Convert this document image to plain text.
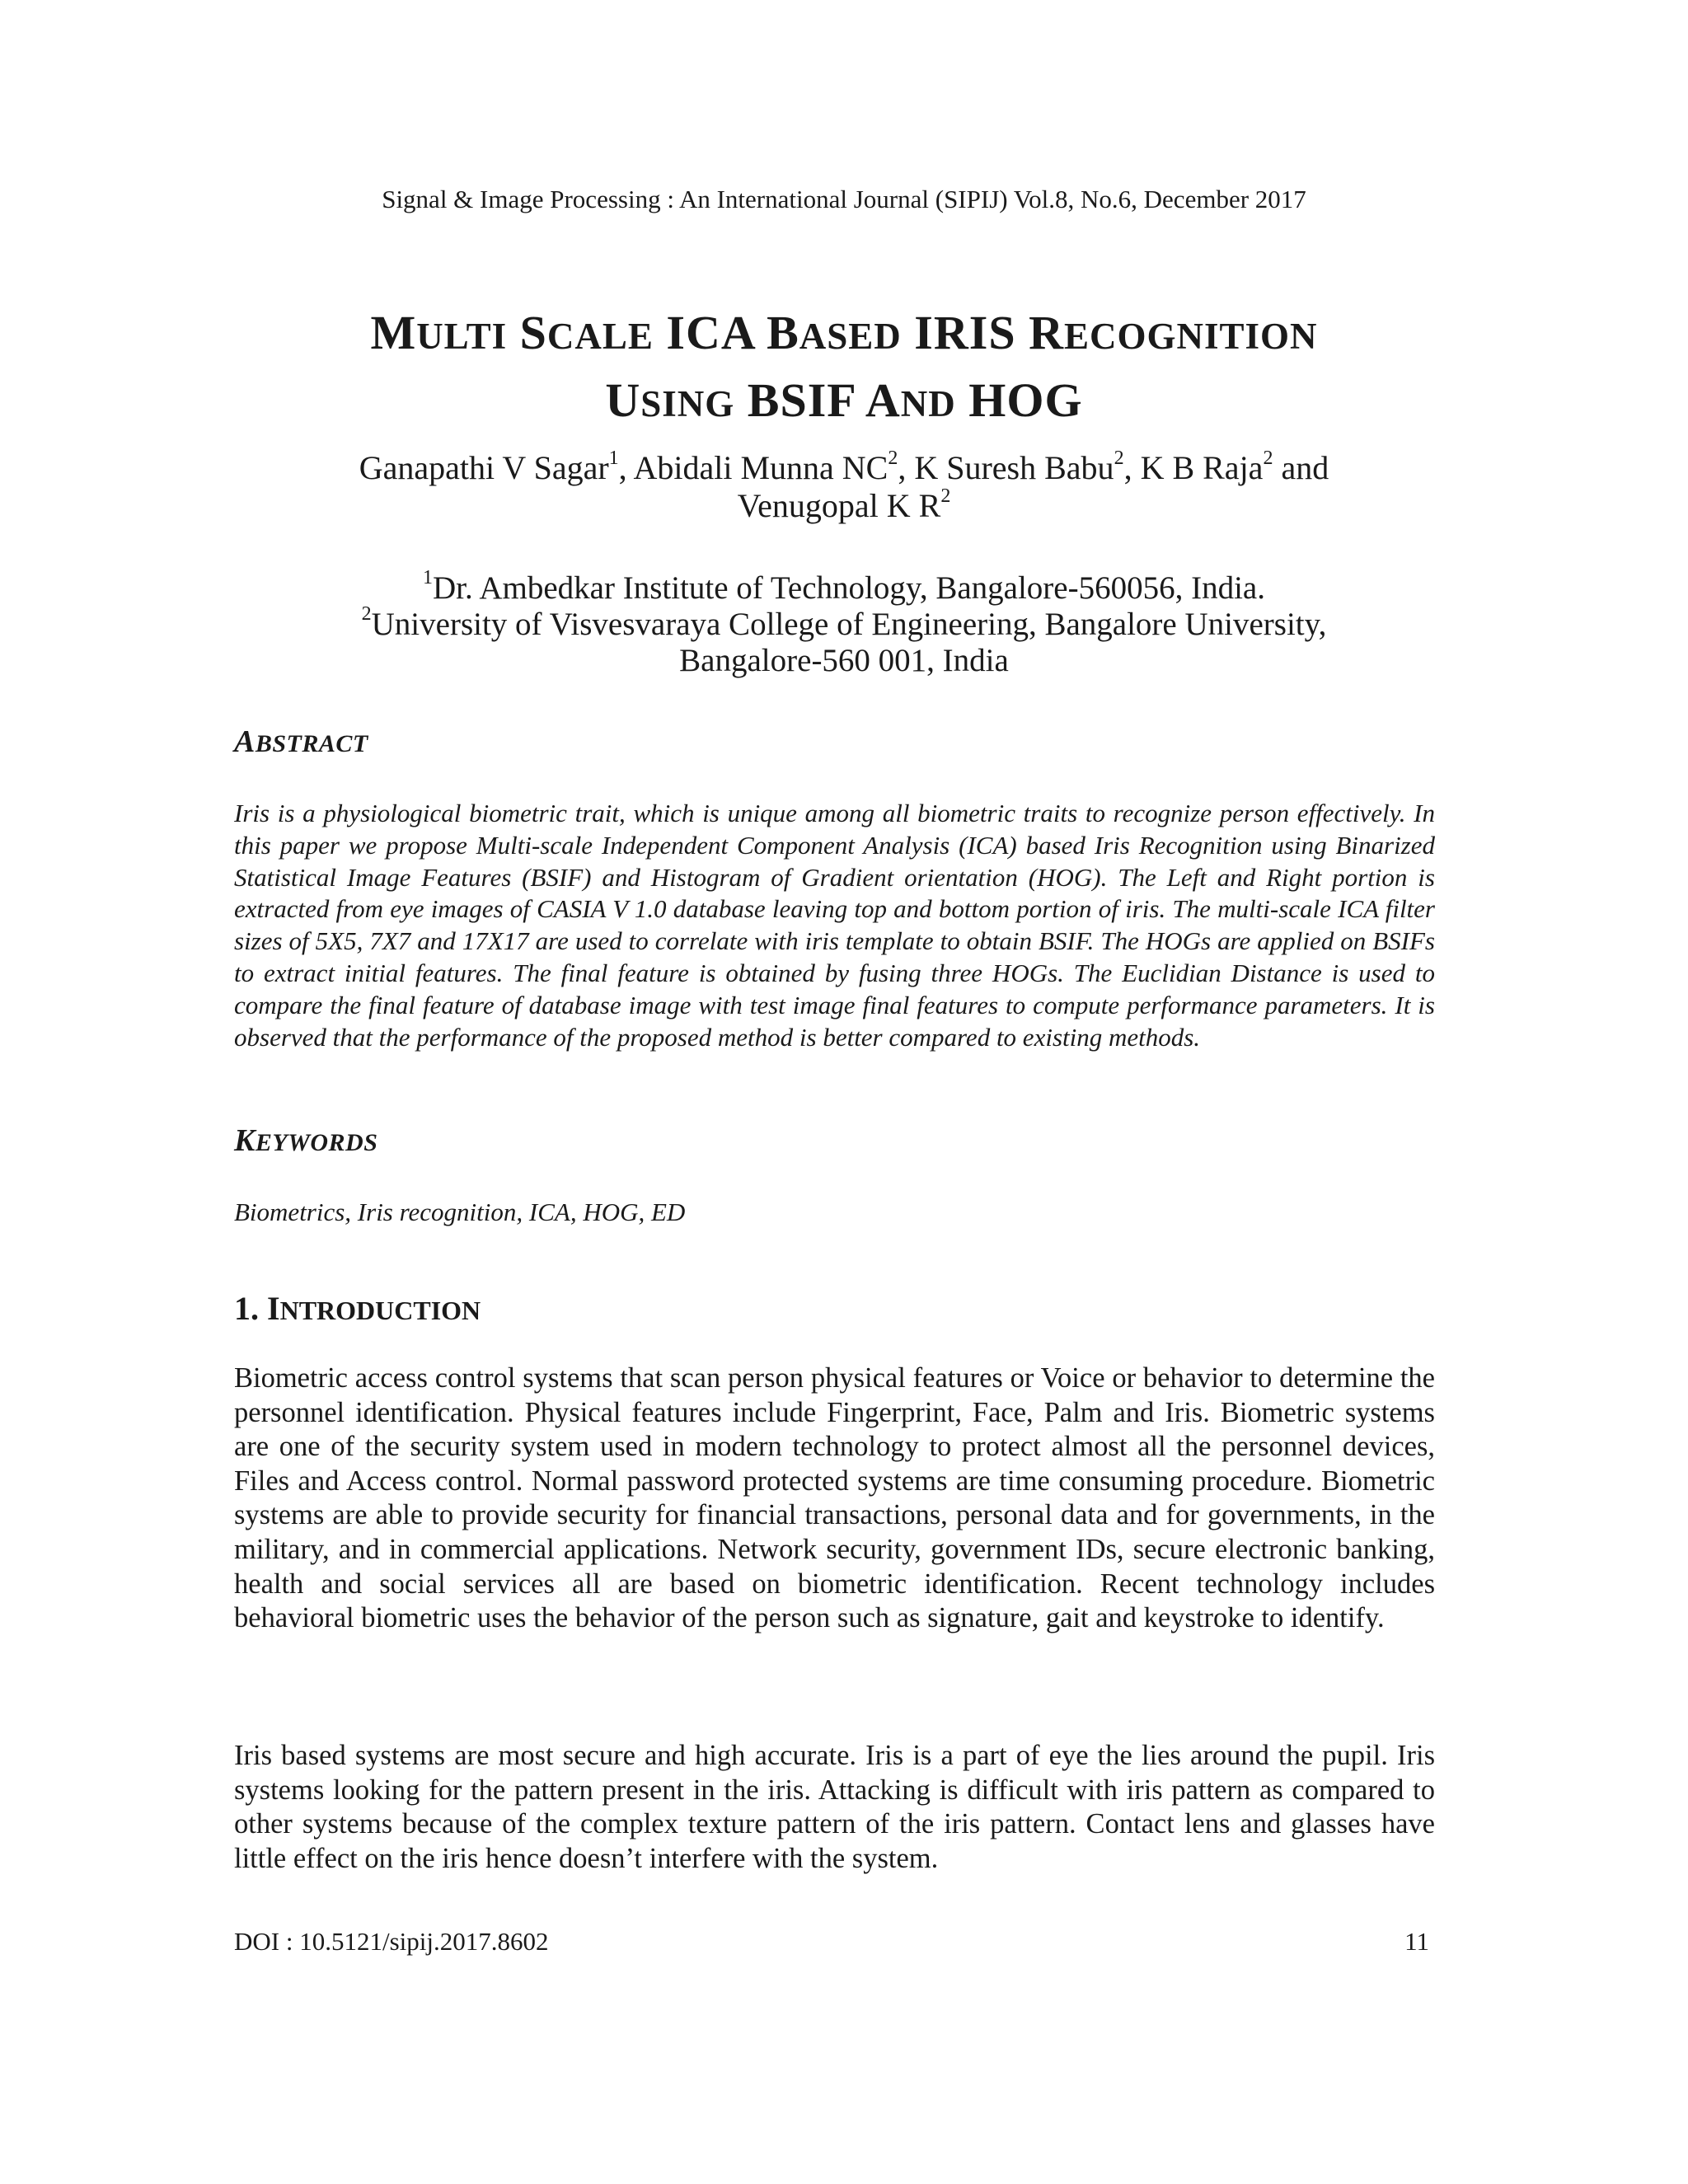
Signal & Image Processing : An International Journal (SIPIJ) Vol.8, No.6, December 2017
MULTI SCALE ICA BASED IRIS RECOGNITION
USING BSIF AND HOG
Ganapathi V Sagar$^1$, Abidali Munna $NC^2$, K Suresh Babu$^2$, K B Raja$^2$ and
Venugopal K $R^2$
$^1$Dr. Ambedkar Institute of Technology, Bangalore-560056, India.
$^2$University of Visvesvaraya College of Engineering, Bangalore University,
Bangalore-560 001, India
ABSTRACT
Iris is a physiological biometric trait, which is unique among all biometric traits to recognize person effectively. In this paper we propose Multi-scale Independent Component Analysis (ICA) based Iris Recognition using Binarized Statistical Image Features (BSIF) and Histogram of Gradient orientation (HOG). The Left and Right portion is extracted from eye images of CASIA V 1.0 database leaving top and bottom portion of iris. The multi-scale ICA filter sizes of 5X5, 7X7 and 17X17 are used to correlate with iris template to obtain BSIF. The HOGs are applied on BSIFs to extract initial features. The final feature is obtained by fusing three HOGs. The Euclidian Distance is used to compare the final feature of database image with test image final features to compute performance parameters. It is observed that the performance of the proposed method is better compared to existing methods.
KEYWORDS
Biometrics, Iris recognition, ICA, HOG, ED
1. INTRODUCTION
Biometric access control systems that scan person physical features or Voice or behavior to determine the personnel identification. Physical features include Fingerprint, Face, Palm and Iris. Biometric systems are one of the security system used in modern technology to protect almost all the personnel devices, Files and Access control. Normal password protected systems are time consuming procedure. Biometric systems are able to provide security for financial transactions, personal data and for governments, in the military, and in commercial applications. Network security, government IDs, secure electronic banking, health and social services all are based on biometric identification. Recent technology includes behavioral biometric uses the behavior of the person such as signature, gait and keystroke to identify.
Iris based systems are most secure and high accurate. Iris is a part of eye the lies around the pupil. Iris systems looking for the pattern present in the iris. Attacking is difficult with iris pattern as compared to other systems because of the complex texture pattern of the iris pattern. Contact lens and glasses have little effect on the iris hence doesn’t interfere with the system.
DOI : 10.5121/sipij.2017.8602	11
